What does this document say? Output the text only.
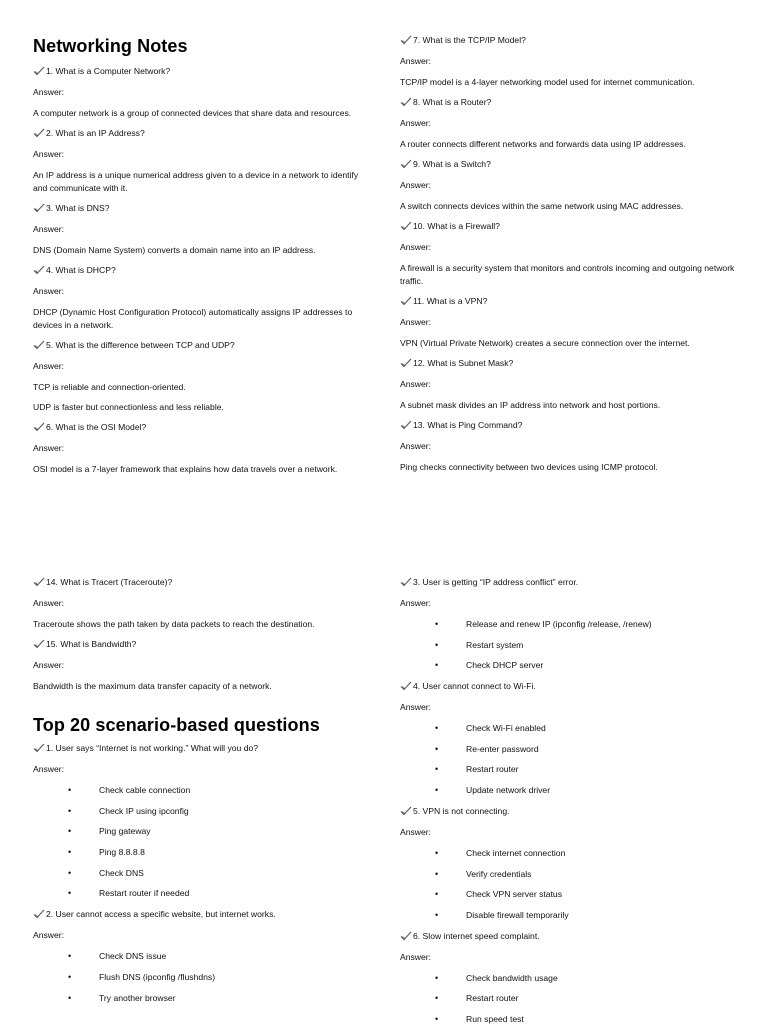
Networking Notes
1. What is a Computer Network?
Answer:
A computer network is a group of connected devices that share data and resources.
2. What is an IP Address?
Answer:
An IP address is a unique numerical address given to a device in a network to identify and communicate with it.
3. What is DNS?
Answer:
DNS (Domain Name System) converts a domain name into an IP address.
4. What is DHCP?
Answer:
DHCP (Dynamic Host Configuration Protocol) automatically assigns IP addresses to devices in a network.
5. What is the difference between TCP and UDP?
Answer:
TCP is reliable and connection-oriented.
UDP is faster but connectionless and less reliable.
6. What is the OSI Model?
Answer:
OSI model is a 7-layer framework that explains how data travels over a network.
7. What is the TCP/IP Model?
Answer:
TCP/IP model is a 4-layer networking model used for internet communication.
8. What is a Router?
Answer:
A router connects different networks and forwards data using IP addresses.
9. What is a Switch?
Answer:
A switch connects devices within the same network using MAC addresses.
10. What is a Firewall?
Answer:
A firewall is a security system that monitors and controls incoming and outgoing network traffic.
11. What is a VPN?
Answer:
VPN (Virtual Private Network) creates a secure connection over the internet.
12. What is Subnet Mask?
Answer:
A subnet mask divides an IP address into network and host portions.
13. What is Ping Command?
Answer:
Ping checks connectivity between two devices using ICMP protocol.
14. What is Tracert (Traceroute)?
Answer:
Traceroute shows the path taken by data packets to reach the destination.
15. What is Bandwidth?
Answer:
Bandwidth is the maximum data transfer capacity of a network.
Top 20 scenario-based questions
1. User says “Internet is not working.” What will you do?
Answer:
•	Check cable connection
•	Check IP using ipconfig
•	Ping gateway
•	Ping 8.8.8.8
•	Check DNS
•	Restart router if needed
2. User cannot access a specific website, but internet works.
Answer:
•	Check DNS issue
•	Flush DNS (ipconfig /flushdns)
•	Try another browser
3. User is getting “IP address conflict” error.
Answer:
•	Release and renew IP (ipconfig /release, /renew)
•	Restart system
•	Check DHCP server
4. User cannot connect to Wi-Fi.
Answer:
•	Check Wi-Fi enabled
•	Re-enter password
•	Restart router
•	Update network driver
5. VPN is not connecting.
Answer:
•	Check internet connection
•	Verify credentials
•	Check VPN server status
•	Disable firewall temporarily
6. Slow internet speed complaint.
Answer:
•	Check bandwidth usage
•	Restart router
•	Run speed test
